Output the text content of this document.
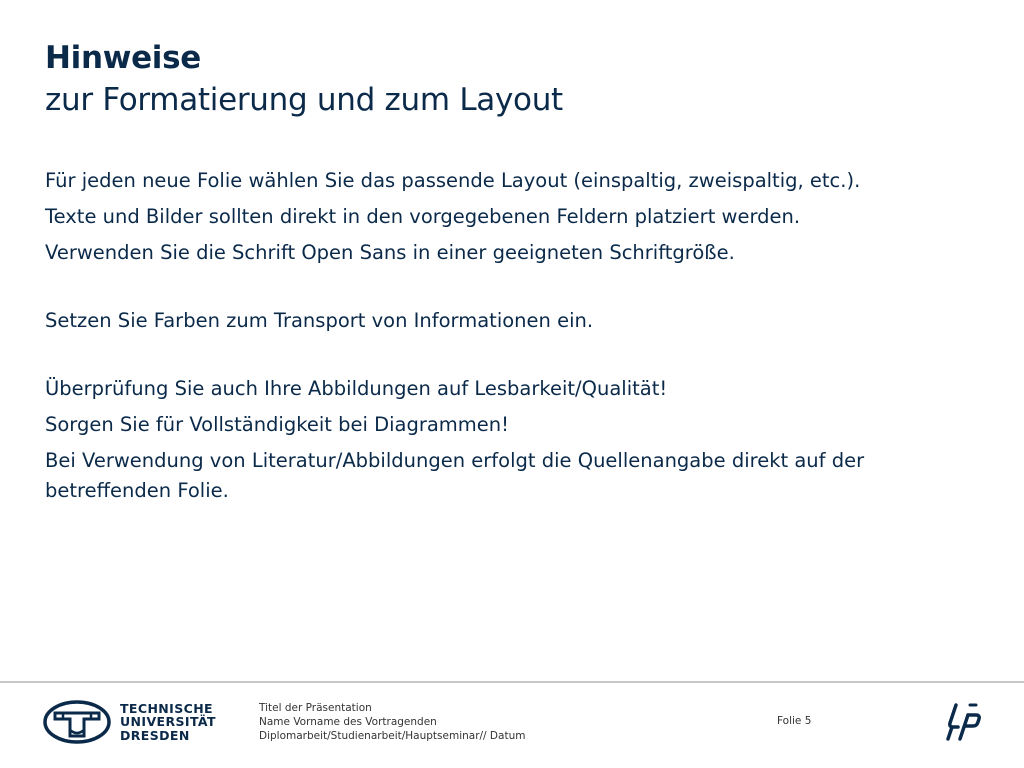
Hinweise
zur Formatierung und zum Layout

Für jeden neue Folie wählen Sie das passende Layout (einspaltig, zweispaltig, etc.).

Texte und Bilder sollten direkt in den vorgegebenen Feldern platziert werden.

Verwenden Sie die Schrift Open Sans in einer geeigneten Schriftgröße.

Setzen Sie Farben zum Transport von Informationen ein.

Überprüfung Sie auch Ihre Abbildungen auf Lesbarkeit/Qualität!

Sorgen Sie für Vollständigkeit bei Diagrammen!

Bei Verwendung von Literatur/Abbildungen erfolgt die Quellenangabe direkt auf der betreffenden Folie.

TECHNISCHE
UNIVERSITÄT
DRESDEN
Titel der Präsentation
Name Vorname des Vortragenden
Diplomarbeit/Studienarbeit/Hauptseminar// Datum
Folie 5
